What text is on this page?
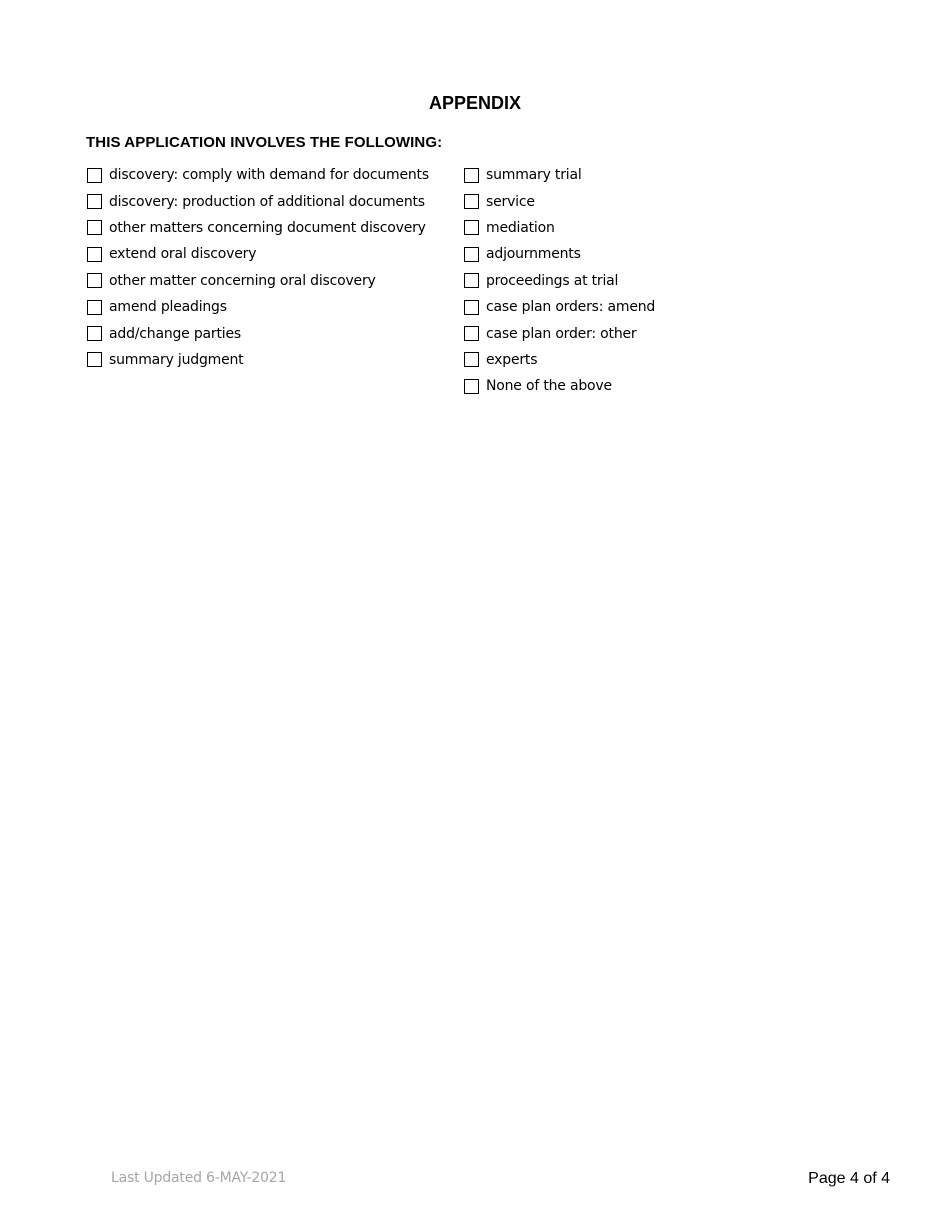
APPENDIX
THIS APPLICATION INVOLVES THE FOLLOWING:
discovery: comply with demand for documents
discovery: production of additional documents
other matters concerning document discovery
extend oral discovery
other matter concerning oral discovery
amend pleadings
add/change parties
summary judgment
summary trial
service
mediation
adjournments
proceedings at trial
case plan orders: amend
case plan order: other
experts
None of the above
Last Updated 6-MAY-2021	Page 4 of 4
